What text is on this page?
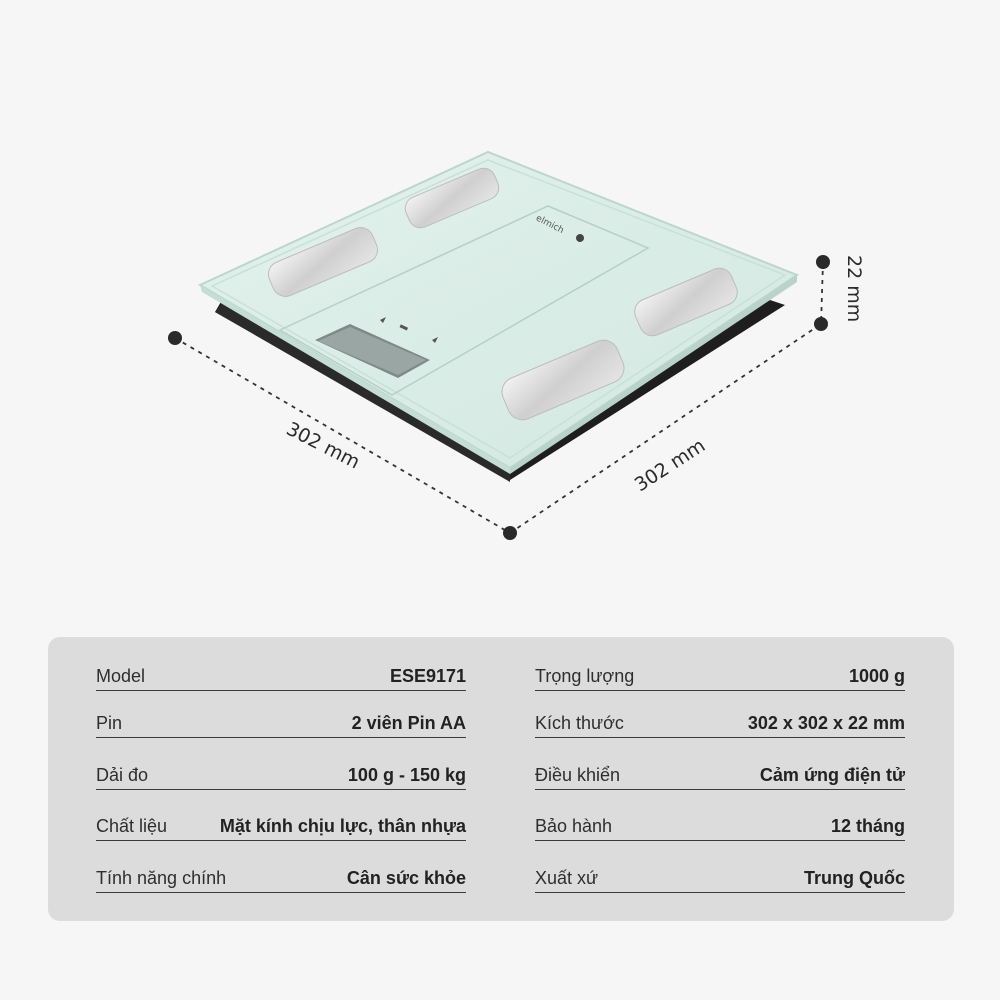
elmich
302 mm	302 mm
22 mm
Model	ESE9171
Pin	2 viên Pin AA
Dải đo	100 g - 150 kg
Chất liệu	Mặt kính chịu lực, thân nhựa
Tính năng chính	Cân sức khỏe
Trọng lượng	1000 g
Kích thước	302 x 302 x 22 mm
Điều khiển	Cảm ứng điện tử
Bảo hành	12 tháng
Xuất xứ	Trung Quốc
